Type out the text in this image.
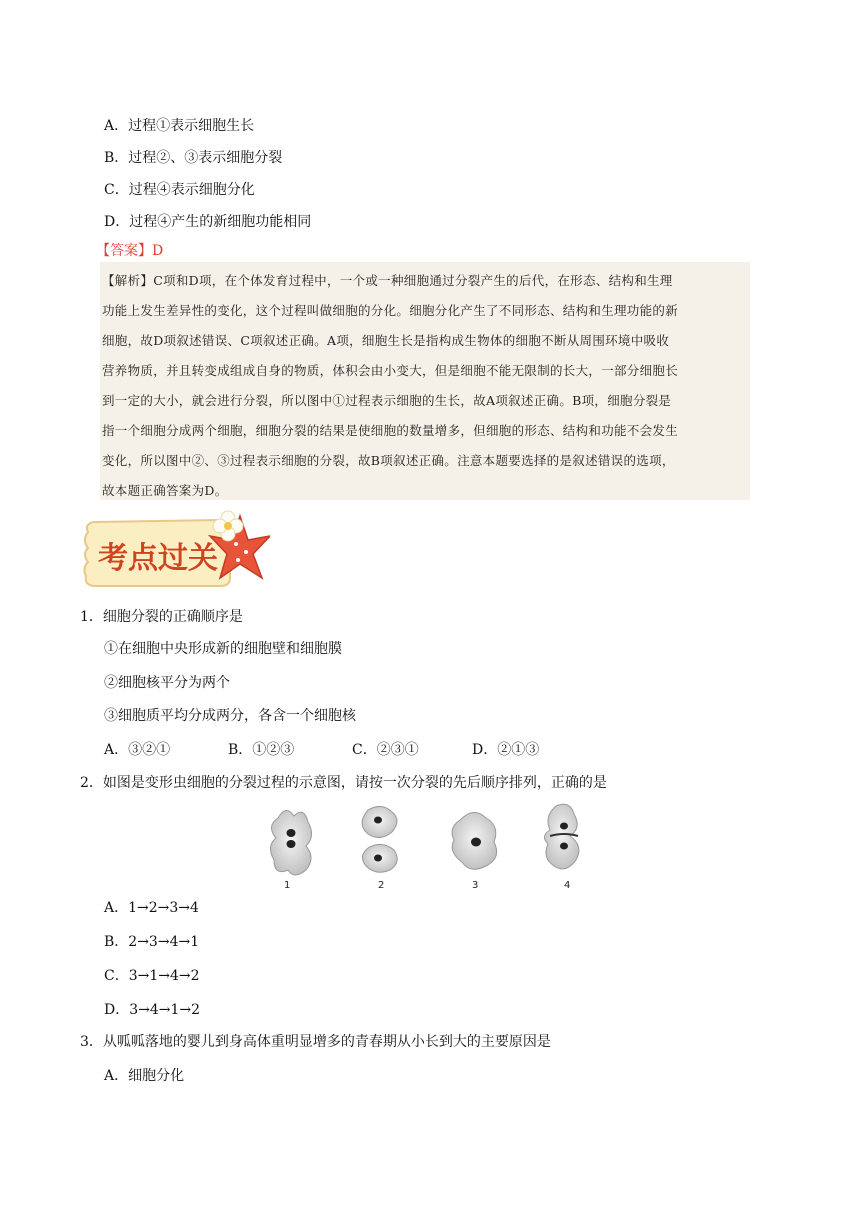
A．过程①表示细胞生长
B．过程②、③表示细胞分裂
C．过程④表示细胞分化
D．过程④产生的新细胞功能相同
【答案】D
【解析】C项和D项，在个体发育过程中，一个或一种细胞通过分裂产生的后代，在形态、结构和生理
功能上发生差异性的变化，这个过程叫做细胞的分化。细胞分化产生了不同形态、结构和生理功能的新
细胞，故D项叙述错误、C项叙述正确。A项，细胞生长是指构成生物体的细胞不断从周围环境中吸收
营养物质，并且转变成组成自身的物质，体积会由小变大，但是细胞不能无限制的长大，一部分细胞长
到一定的大小，就会进行分裂，所以图中①过程表示细胞的生长，故A项叙述正确。B项，细胞分裂是
指一个细胞分成两个细胞，细胞分裂的结果是使细胞的数量增多，但细胞的形态、结构和功能不会发生
变化，所以图中②、③过程表示细胞的分裂，故B项叙述正确。注意本题要选择的是叙述错误的选项，
故本题正确答案为D。
考点过关
1．细胞分裂的正确顺序是
①在细胞中央形成新的细胞壁和细胞膜
②细胞核平分为两个
③细胞质平均分成两分，各含一个细胞核
A．③②①	B．①②③	C．②③①	D．②①③
2．如图是变形虫细胞的分裂过程的示意图，请按一次分裂的先后顺序排列，正确的是
1	2	3	4
A．1→2→3→4
B．2→3→4→1
C．3→1→4→2
D．3→4→1→2
3．从呱呱落地的婴儿到身高体重明显增多的青春期从小长到大的主要原因是
A．细胞分化
